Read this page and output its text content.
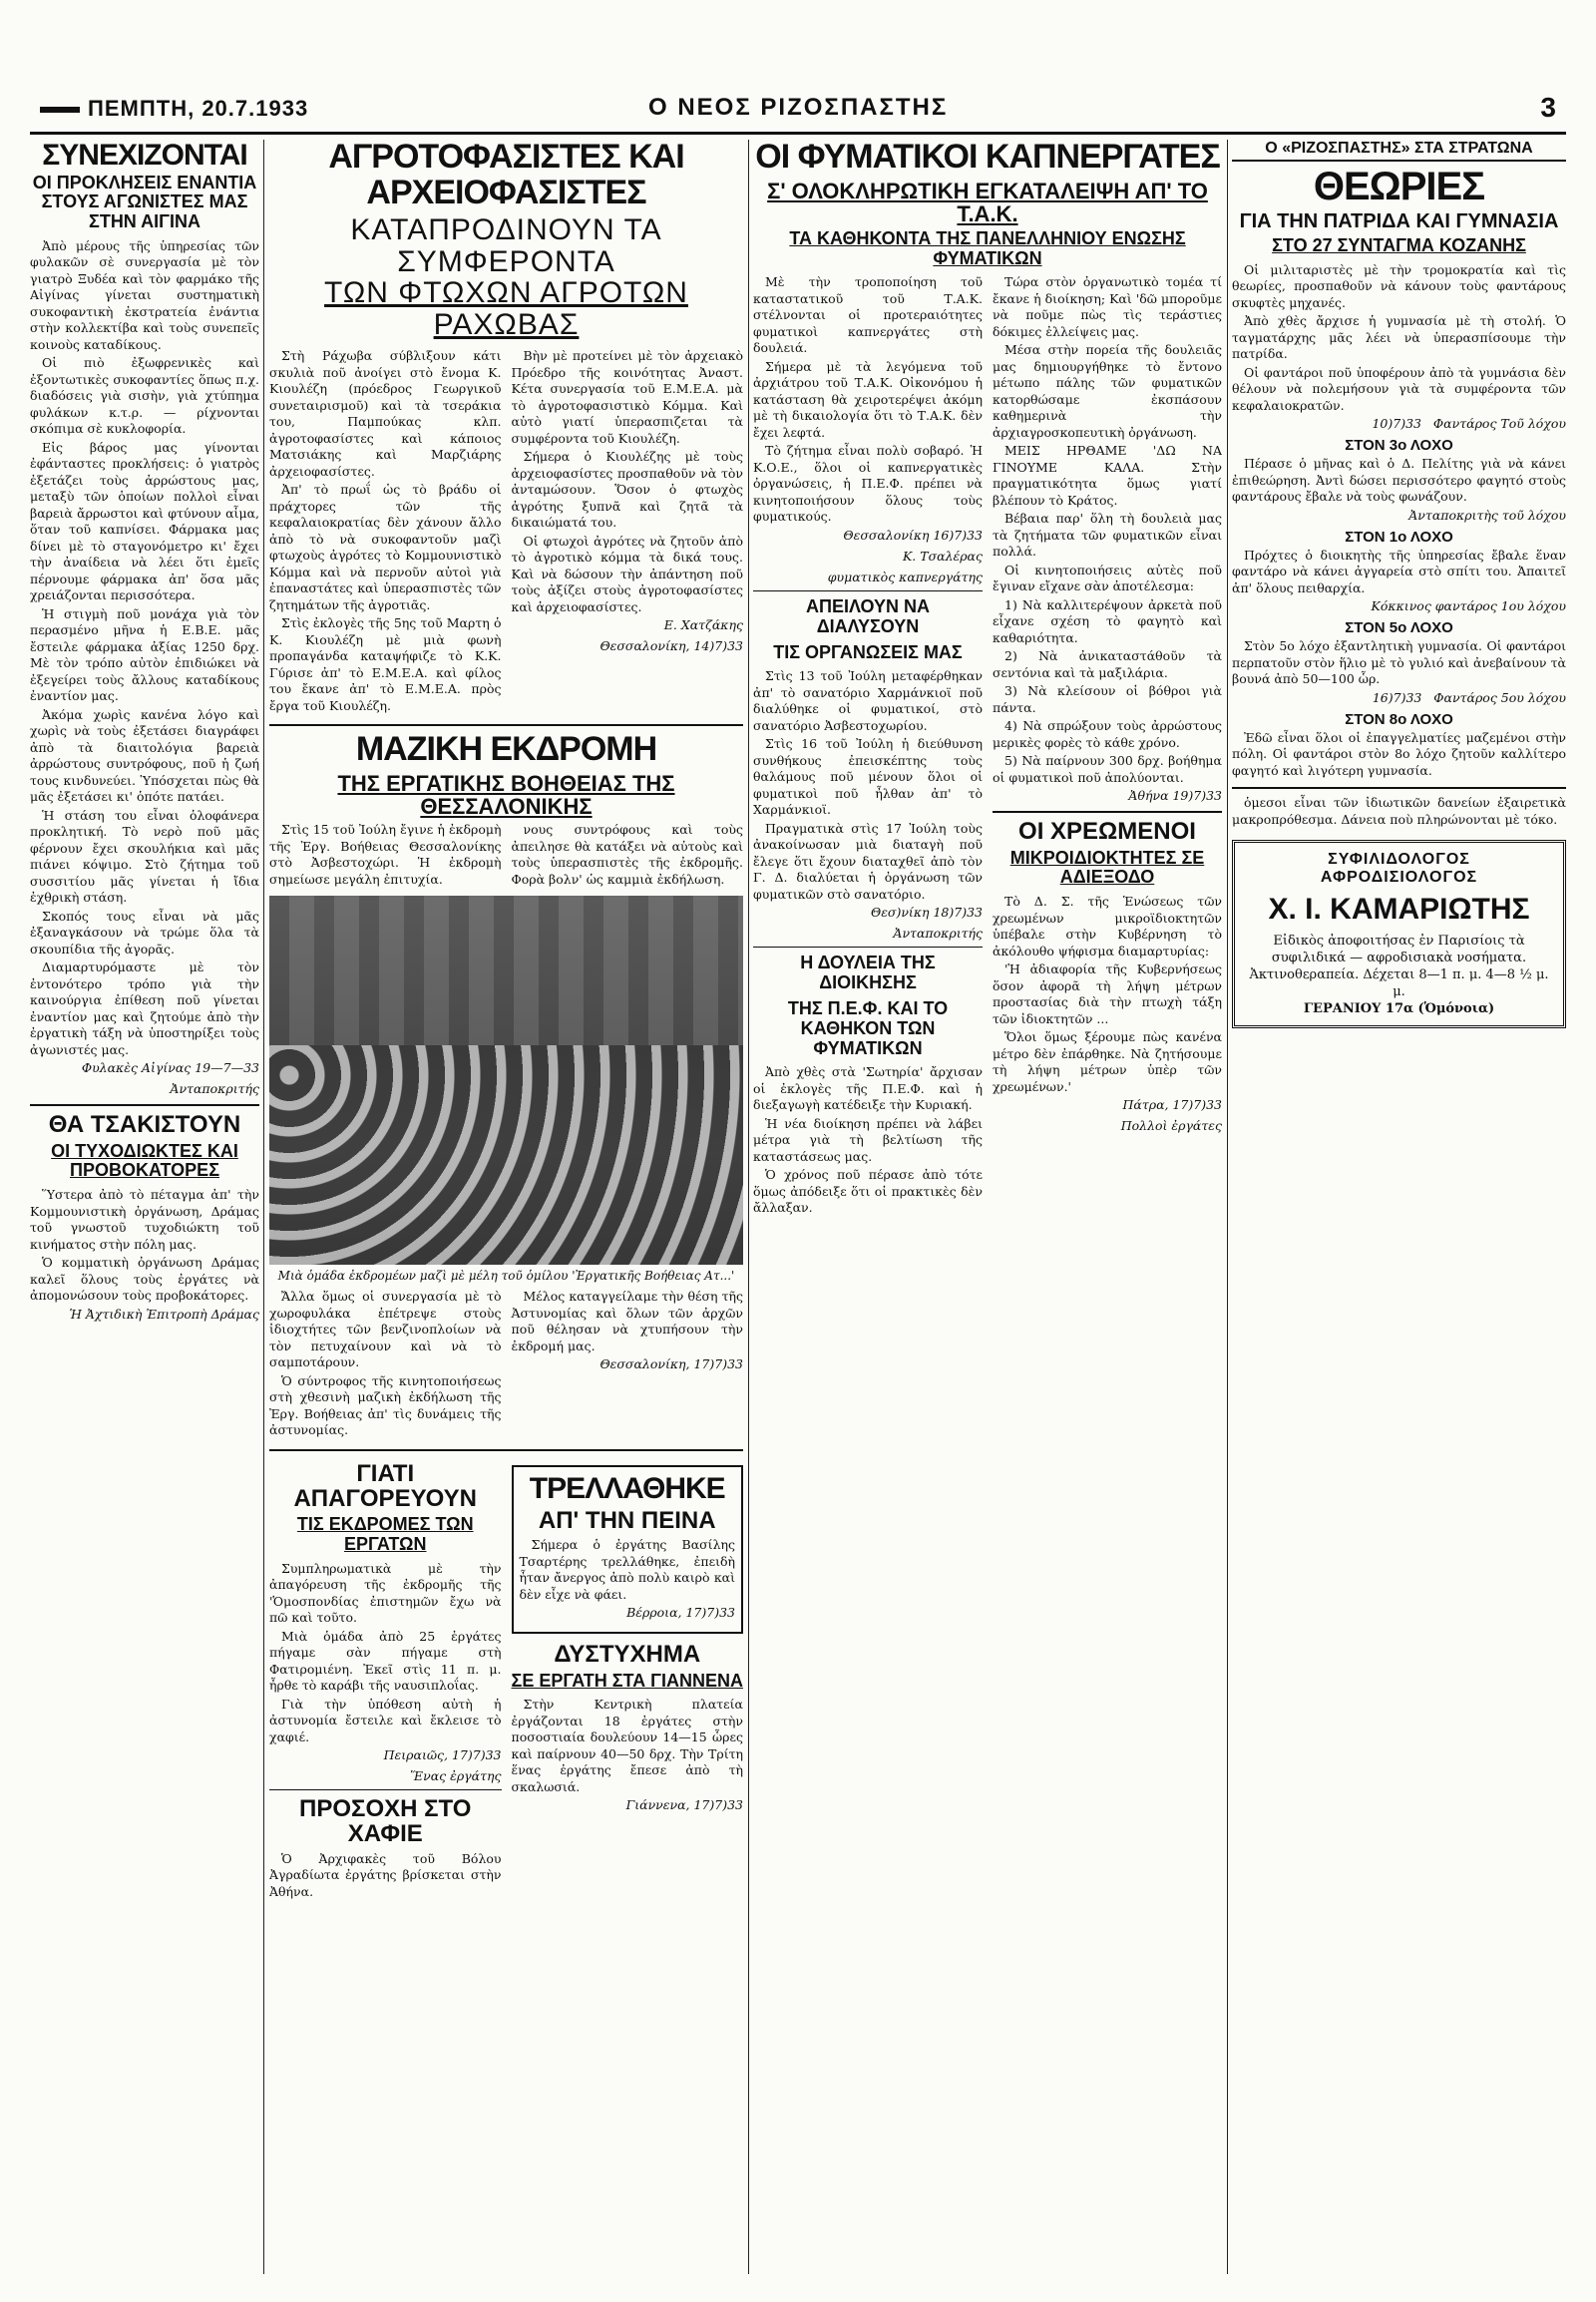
ΠΕΜΠΤΗ, 20.7.1933	Ο ΝΕΟΣ ΡΙΖΟΣΠΑΣΤΗΣ	3
ΣΥΝΕΧΙΖΟΝΤΑΙ
ΟΙ ΠΡΟΚΛΗΣΕΙΣ ΕΝΑΝΤΙΑ ΣΤΟΥΣ ΑΓΩΝΙΣΤΕΣ ΜΑΣ ΣΤΗΝ ΑΙΓΙΝΑ

Ἀπὸ μέρους τῆς ὑπηρεσίας τῶν φυλακῶν σὲ συνεργασία μὲ τὸν γιατρὸ Ξυδέα καὶ τὸν φαρμάκο τῆς Αἰγίνας γίνεται συστηματικὴ συκοφαντικὴ ἐκστρατεία ἐνάντια στὴν κολλεκτίβα καὶ τοὺς συνεπεῖς κοινοὺς καταδίκους.

Οἱ πιὸ ἐξωφρενικὲς καὶ ἐξοντωτικὲς συκοφαντίες ὅπως π.χ. διαδόσεις γιὰ σισὴν, γιὰ χτύπημα φυλάκων κ.τ.ρ. — ρίχνονται σκόπιμα σὲ κυκλοφορία.

Εἰς βάρος μας γίνονται ἐφάνταστες προκλήσεις: ὁ γιατρὸς ἐξετάζει τοὺς ἀρρώστους μας, μεταξὺ τῶν ὁποίων πολλοὶ εἶναι βαρειὰ ἄρρωστοι καὶ φτύνουν αἷμα, ὅταν τοῦ καπνίσει. Φάρμακα μας δίνει μὲ τὸ σταγονόμετρο κι' ἔχει τὴν ἀναίδεια νὰ λέει ὅτι ἐμεῖς πέρνουμε φάρμακα ἀπ' ὅσα μᾶς χρειάζονται περισσότερα.

Ἡ στιγμὴ ποῦ μονάχα γιὰ τὸν περασμένο μῆνα ἡ Ε.Β.Ε. μᾶς ἔστειλε φάρμακα ἀξίας 1250 δρχ. Μὲ τὸν τρόπο αὐτὸν ἐπιδιώκει νὰ ἐξεγείρει τοὺς ἄλλους καταδίκους ἐναντίον μας.

Ἀκόμα χωρὶς κανένα λόγο καὶ χωρὶς νὰ τοὺς ἐξετάσει διαγράφει ἀπὸ τὰ διαιτολόγια βαρειὰ ἀρρώστους συντρόφους, ποῦ ἡ ζωή τους κινδυνεύει. Ὑπόσχεται πὼς θὰ μᾶς ἐξετάσει κι' ὁπότε πατάει.

Ἡ στάση του εἶναι ὁλοφάνερα προκλητική. Τὸ νερὸ ποῦ μᾶς φέρνουν ἔχει σκουλήκια καὶ μᾶς πιάνει κόψιμο. Στὸ ζήτημα τοῦ συσσιτίου μᾶς γίνεται ἡ ἴδια ἐχθρικὴ στάση.

Σκοπός τους εἶναι νὰ μᾶς ἐξαναγκάσουν νὰ τρώμε ὅλα τὰ σκουπίδια τῆς ἀγορᾶς.

Διαμαρτυρόμαστε μὲ τὸν ἐντονότερο τρόπο γιὰ τὴν καινούργια ἐπίθεση ποῦ γίνεται ἐναντίον μας καὶ ζητούμε ἀπὸ τὴν ἐργατικὴ τάξη νὰ ὑποστηρίξει τοὺς ἀγωνιστές μας.

Φυλακὲς Αἰγίνας 19—7—33
Ἀνταποκριτής
ΘΑ ΤΣΑΚΙΣΤΟΥΝ
ΟΙ ΤΥΧΟΔΙΩΚΤΕΣ ΚΑΙ ΠΡΟΒΟΚΑΤΟΡΕΣ

Ὕστερα ἀπὸ τὸ πέταγμα ἀπ' τὴν Κομμουνιστικὴ ὀργάνωση, Δράμας τοῦ γνωστοῦ τυχοδιώκτη τοῦ κινήματος στὴν πόλη μας.

Ὁ κομματικὴ ὀργάνωση Δράμας καλεῖ ὅλους τοὺς ἐργάτες νὰ ἀπομονώσουν τοὺς προβοκάτορες.

Ἡ Ἀχτιδικὴ Ἐπιτροπὴ Δράμας
ΑΓΡΟΤΟΦΑΣΙΣΤΕΣ ΚΑΙ ΑΡΧΕΙΟΦΑΣΙΣΤΕΣ
ΚΑΤΑΠΡΟΔΙΝΟΥΝ ΤΑ ΣΥΜΦΕΡΟΝΤΑ
ΤΩΝ ΦΤΩΧΩΝ ΑΓΡΟΤΩΝ ΡΑΧΩΒΑΣ

Στὴ Ράχωβα σύβλιξουν κάτι σκυλιὰ ποῦ ἀνοίγει στὸ ἔνομα Κ. Κιουλέζη (πρόεδρος Γεωργικοῦ συνεταιρισμοῦ) καὶ τὰ τσεράκια του, Παμπούκας κλπ. ἀγροτοφασίστες καὶ κάποιος Ματσιάκης καὶ Μαρζιάρης ἀρχειοφασίστες.

Ἀπ' τὸ πρωΐ ὡς τὸ βράδυ οἱ πράχτορες τῶν τῆς κεφαλαιοκρατίας δὲν χάνουν ἄλλο ἀπὸ τὸ νὰ συκοφαντοῦν μαζὶ φτωχοὺς ἀγρότες τὸ Κομμουνιστικὸ Κόμμα καὶ νὰ περνοῦν αὐτοὶ γιὰ ἐπαναστάτες καὶ ὑπερασπιστὲς τῶν ζητημάτων τῆς ἀγροτιᾶς.

Στὶς ἐκλογὲς τῆς 5ης τοῦ Μαρτη ὁ Κ. Κιουλέζη μὲ μιὰ φωνὴ προπαγάνδα καταψήφιζε τὸ Κ.Κ. Γύρισε ἀπ' τὸ Ε.Μ.Ε.Α. καὶ φίλος του ἔκανε ἀπ' τὸ Ε.Μ.Ε.Α. πρὸς ἔργα τοῦ Κιουλέζη.

Βὴν μὲ προτείνει μὲ τὸν ἀρχειακὸ Πρόεδρο τῆς κοινότητας Ἀναστ. Κέτα συνεργασία τοῦ Ε.Μ.Ε.Α. μὰ τὸ ἀγροτοφασιστικὸ Κόμμα. Καὶ αὐτὸ γιατί ὑπερασπιζεται τὰ συμφέροντα τοῦ Κιουλέζη.

Σήμερα ὁ Κιουλέζης μὲ τοὺς ἀρχειοφασίστες προσπαθοῦν νὰ τὸν ἀνταμώσουν. Ὅσον ὁ φτωχὸς ἀγρότης ξυπνᾶ καὶ ζητᾶ τὰ δικαιώματά του.

Οἱ φτωχοὶ ἀγρότες νὰ ζητοῦν ἀπὸ τὸ ἀγροτικὸ κόμμα τὰ δικά τους. Καὶ νὰ δώσουν τὴν ἀπάντηση ποῦ τοὺς ἀξίζει στοὺς ἀγροτοφασίστες καὶ ἀρχειοφασίστες.

Ε. Χατζάκης
Θεσσαλονίκη, 14)7)33
ΜΑΖΙΚΗ ΕΚΔΡΟΜΗ
ΤΗΣ ΕΡΓΑΤΙΚΗΣ ΒΟΗΘΕΙΑΣ ΤΗΣ ΘΕΣΣΑΛΟΝΙΚΗΣ

Στὶς 15 τοῦ Ἰούλη ἔγινε ἡ ἐκδρομὴ τῆς Ἐργ. Βοήθειας Θεσσαλονίκης στὸ Ἀσβεστοχώρι. Ἡ ἐκδρομὴ σημείωσε μεγάλη ἐπιτυχία.

νους συντρόφους καὶ τοὺς ἀπειλησε θὰ κατάξει νὰ αὐτοὺς καὶ τοὺς ὑπερασπιστὲς τῆς ἐκδρομῆς. Φορὰ βολν' ὡς καμμιὰ ἐκδήλωση.

Μιὰ ὁμάδα ἐκδρομέων μαζὶ μὲ μέλη τοῦ ὁμίλου 'Ἐργατικῆς Βοήθειας Ατ...'

Ἄλλα ὅμως οἱ συνεργασία μὲ τὸ χωροφυλάκα ἐπέτρεψε στοὺς ἰδιοχτήτες τῶν βενζινοπλοίων νὰ τὸν πετυχαίνουν καὶ νὰ τὸ σαμποτάρουν.

Ὁ σύντροφος τῆς κινητοποιήσεως στὴ χθεσινὴ μαζικὴ ἐκδήλωση τῆς Ἐργ. Βοήθειας ἀπ' τὶς δυνάμεις τῆς ἀστυνομίας.

Μέλος καταγγείλαμε τὴν θέση τῆς Ἀστυνομίας καὶ ὅλων τῶν ἀρχῶν ποῦ θέλησαν νὰ χτυπήσουν τὴν ἐκδρομή μας.

Θεσσαλονίκη, 17)7)33
ΓΙΑΤΙ ΑΠΑΓΟΡΕΥΟΥΝ
ΤΙΣ ΕΚΔΡΟΜΕΣ ΤΩΝ ΕΡΓΑΤΩΝ

Συμπληρωματικὰ μὲ τὴν ἀπαγόρευση τῆς ἐκδρομῆς τῆς 'Ὁμοσπονδίας ἐπιστημῶν ἔχω νὰ πῶ καὶ τοῦτο.

Μιὰ ὁμάδα ἀπὸ 25 ἐργάτες πήγαμε σὰν πήγαμε στὴ Φατιρομιένη. Ἐκεῖ στὶς 11 π. μ. ἦρθε τὸ καράβι τῆς ναυσιπλοΐας.

Γιὰ τὴν ὑπόθεση αὐτὴ ἡ ἀστυνομία ἔστειλε καὶ ἔκλεισε τὸ χαφιέ.

Πειραιῶς, 17)7)33
Ἕνας ἐργάτης
ΠΡΟΣΟΧΗ ΣΤΟ ΧΑΦΙΕ

Ὁ Ἀρχιφακὲς τοῦ Βόλου Ἀγραδίωτα ἐργάτης βρίσκεται στὴν Ἀθήνα.

ΤΡΕΛΛΑΘΗΚΕ
ΑΠ' ΤΗΝ ΠΕΙΝΑ

Σήμερα ὁ ἐργάτης Βασίλης Τσαρτέρης τρελλάθηκε, ἐπειδὴ ἦταν ἄνεργος ἀπὸ πολὺ καιρὸ καὶ δὲν εἶχε νὰ φάει.

Βέρροια, 17)7)33
ΔΥΣΤΥΧΗΜΑ
ΣΕ ΕΡΓΑΤΗ ΣΤΑ ΓΙΑΝΝΕΝΑ

Στὴν Κεντρικὴ πλατεία ἐργάζονται 18 ἐργάτες στὴν ποσοστιαία δουλεύουν 14—15 ὧρες καὶ παίρνουν 40—50 δρχ. Τὴν Τρίτη ἕνας ἐργάτης ἔπεσε ἀπὸ τὴ σκαλωσιά.

Γιάννενα, 17)7)33
ΟΙ ΦΥΜΑΤΙΚΟΙ ΚΑΠΝΕΡΓΑΤΕΣ
Σ' ΟΛΟΚΛΗΡΩΤΙΚΗ ΕΓΚΑΤΑΛΕΙΨΗ ΑΠ' ΤΟ Τ.Α.Κ.
ΤΑ ΚΑΘΗΚΟΝΤΑ ΤΗΣ ΠΑΝΕΛΛΗΝΙΟΥ ΕΝΩΣΗΣ ΦΥΜΑΤΙΚΩΝ

Μὲ τὴν τροποποίηση τοῦ καταστατικοῦ τοῦ Τ.Α.Κ. στέλνονται οἱ προτεραιότητες φυματικοὶ καπνεργάτες στὴ δουλειά.

Σήμερα μὲ τὰ λεγόμενα τοῦ ἀρχιάτρου τοῦ Τ.Α.Κ. Οἰκονόμου ἡ κατάσταση θὰ χειροτερέψει ἀκόμη μὲ τὴ δικαιολογία ὅτι τὸ Τ.Α.Κ. δὲν ἔχει λεφτά.

Τὸ ζήτημα εἶναι πολὺ σοβαρό. Ἡ Κ.Ο.Ε., ὅλοι οἱ καπνεργατικὲς ὀργανώσεις, ἡ Π.Ε.Φ. πρέπει νὰ κινητοποιήσουν ὅλους τοὺς φυματικούς.

Θεσσαλονίκη 16)7)33
Κ. Τσαλέρας
φυματικὸς καπνεργάτης
ΑΠΕΙΛΟΥΝ ΝΑ ΔΙΑΛΥΣΟΥΝ
ΤΙΣ ΟΡΓΑΝΩΣΕΙΣ ΜΑΣ

Στὶς 13 τοῦ Ἰούλη μεταφέρθηκαν ἀπ' τὸ σανατόριο Χαρμάνκιοϊ ποῦ διαλύθηκε οἱ φυματικοί, στὸ σανατόριο Ἀσβεστοχωρίου.

Στὶς 16 τοῦ Ἰούλη ἡ διεύθυνση συνθήκους ἐπεισκέπτης τοὺς θαλάμους ποῦ μένουν ὅλοι οἱ φυματικοὶ ποῦ ἦλθαν ἀπ' τὸ Χαρμάνκιοϊ.

Πραγματικὰ στὶς 17 Ἰούλη τοὺς ἀνακοίνωσαν μιὰ διαταγὴ ποῦ ἔλεγε ὅτι ἔχουν διαταχθεῖ ἀπὸ τὸν Γ. Δ. διαλύεται ἡ ὀργάνωση τῶν φυματικῶν στὸ σανατόριο.

Θεσ)νίκη 18)7)33
Ἀνταποκριτής
Η ΔΟΥΛΕΙΑ ΤΗΣ ΔΙΟΙΚΗΣΗΣ
ΤΗΣ Π.Ε.Φ. ΚΑΙ ΤΟ ΚΑΘΗΚΟΝ ΤΩΝ ΦΥΜΑΤΙΚΩΝ

Ἀπὸ χθὲς στὰ 'Σωτηρία' ἄρχισαν οἱ ἐκλογὲς τῆς Π.Ε.Φ. καὶ ἡ διεξαγωγὴ κατέδειξε τὴν Κυριακή.

Ἡ νέα διοίκηση πρέπει νὰ λάβει μέτρα γιὰ τὴ βελτίωση τῆς καταστάσεως μας.

Ὁ χρόνος ποῦ πέρασε ἀπὸ τότε ὅμως ἀπόδειξε ὅτι οἱ πρακτικὲς δὲν ἄλλαξαν.

Τώρα στὸν ὀργανωτικὸ τομέα τί ἔκανε ἡ διοίκηση; Καὶ 'δῶ μποροῦμε νὰ ποῦμε πὼς τὶς τεράστιες δόκιμες ἐλλείψεις μας.

Μέσα στὴν πορεία τῆς δουλειᾶς μας δημιουργήθηκε τὸ ἔντονο μέτωπο πάλης τῶν φυματικῶν κατορθώσαμε ἐκσπάσουν καθημερινὰ τὴν ἀρχιαγροσκοπευτικὴ ὀργάνωση.

ΜΕΙΣ ΗΡΘΑΜΕ 'ΔΩ ΝΑ ΓΙΝΟΥΜΕ ΚΑΛΑ. Στὴν πραγματικότητα ὅμως γιατί βλέπουν τὸ Κράτος.

Βέβαια παρ' ὅλη τὴ δουλειὰ μας τὰ ζητήματα τῶν φυματικῶν εἶναι πολλά.

Οἱ κινητοποιήσεις αὐτὲς ποῦ ἔγιναν εἴχανε σὰν ἀποτέλεσμα:

1) Νὰ καλλιτερέψουν ἀρκετὰ ποῦ εἶχανε σχέση τὸ φαγητὸ καὶ καθαριότητα.

2) Νὰ ἀνικαταστάθοῦν τὰ σεντόνια καὶ τὰ μαξιλάρια.

3) Νὰ κλείσουν οἱ βόθροι γιὰ πάντα.

4) Νὰ σπρώξουν τοὺς ἀρρώστους μερικὲς φορὲς τὸ κάθε χρόνο.

5) Νὰ παίρνουν 300 δρχ. βοήθημα οἱ φυματικοὶ ποῦ ἀπολύονται.

Ἀθήνα 19)7)33
ΟΙ ΧΡΕΩΜΕΝΟΙ
ΜΙΚΡΟΙΔΙΟΚΤΗΤΕΣ ΣΕ ΑΔΙΕΞΟΔΟ

Τὸ Δ. Σ. τῆς Ἑνώσεως τῶν χρεωμένων μικροϊδιοκτητῶν ὑπέβαλε στὴν Κυβέρνηση τὸ ἀκόλουθο ψήφισμα διαμαρτυρίας:

'Ἡ ἀδιαφορία τῆς Κυβερνήσεως ὅσον ἀφορᾶ τὴ λήψη μέτρων προστασίας διὰ τὴν πτωχὴ τάξη τῶν ἰδιοκτητῶν ...

Ὅλοι ὅμως ξέρουμε πὼς κανένα μέτρο δὲν ἐπάρθηκε. Νὰ ζητήσουμε τὴ λήψη μέτρων ὑπὲρ τῶν χρεωμένων.'

Πάτρα, 17)7)33
Πολλοὶ ἐργάτες
Ο «ΡΙΖΟΣΠΑΣΤΗΣ» ΣΤΑ ΣΤΡΑΤΩΝΑ
ΘΕΩΡΙΕΣ
ΓΙΑ ΤΗΝ ΠΑΤΡΙΔΑ ΚΑΙ ΓΥΜΝΑΣΙΑ
ΣΤΟ 27 ΣΥΝΤΑΓΜΑ ΚΟΖΑΝΗΣ

Οἱ μιλιταριστὲς μὲ τὴν τρομοκρατία καὶ τὶς θεωρίες, προσπαθοῦν νὰ κάνουν τοὺς φαντάρους σκυφτὲς μηχανές.

Ἀπὸ χθὲς ἄρχισε ἡ γυμνασία μὲ τὴ στολή. Ὁ ταγματάρχης μᾶς λέει νὰ ὑπερασπίσουμε τὴν πατρίδα.

Οἱ φαντάροι ποῦ ὑποφέρουν ἀπὸ τὰ γυμνάσια δὲν θέλουν νὰ πολεμήσουν γιὰ τὰ συμφέροντα τῶν κεφαλαιοκρατῶν.

10)7)33 Φαντάρος Τοῦ λόχου
ΣΤΟΝ 3ο ΛΟΧΟ

Πέρασε ὁ μῆνας καὶ ὁ Δ. Πελίτης γιὰ νὰ κάνει ἐπιθεώρηση. Ἀντὶ δώσει περισσότερο φαγητό στοὺς φαντάρους ἔβαλε νὰ τοὺς φωνάζουν.

Ἀνταποκριτὴς τοῦ λόχου
ΣΤΟΝ 1ο ΛΟΧΟ

Πρόχτες ὁ διοικητὴς τῆς ὑπηρεσίας ἔβαλε ἕναν φαντάρο νὰ κάνει ἀγγαρεία στὸ σπίτι του. Ἀπαιτεῖ ἀπ' ὅλους πειθαρχία.

Κόκκινος φαντάρος 1ου λόχου
ΣΤΟΝ 5ο ΛΟΧΟ

Στὸν 5ο λόχο ἐξαντλητικὴ γυμνασία. Οἱ φαντάροι περπατοῦν στὸν ἥλιο μὲ τὸ γυλιό καὶ ἀνεβαίνουν τὰ βουνά ἀπὸ 50—100 ὧρ.

16)7)33 Φαντάρος 5ου λόχου
ΣΤΟΝ 8ο ΛΟΧΟ

Ἐδῶ εἶναι ὅλοι οἱ ἐπαγγελματίες μαζεμένοι στὴν πόλη. Οἱ φαντάροι στὸν 8ο λόχο ζητοῦν καλλίτερο φαγητό καὶ λιγότερη γυμνασία.

ὁμεσοι εἶναι τῶν ἰδιωτικῶν δανείων ἐξαιρετικὰ μακροπρόθεσμα. Δάνεια ποὺ πληρώνονται μὲ τόκο.

ΣΥΦΙΛΙΔΟΛΟΓΟΣ
ΑΦΡΟΔΙΣΙΟΛΟΓΟΣ
Χ. Ι. ΚΑΜΑΡΙΩΤΗΣ
Εἰδικὸς ἀποφοιτήσας ἐν Παρισίοις τὰ συφιλιδικά — αφροδισιακὰ νοσήματα.
Ἀκτινοθεραπεία. Δέχεται 8—1 π. μ. 4—8 ½ μ. μ.
ΓΕΡΑΝΙΟΥ 17α (Ὁμόνοια)
